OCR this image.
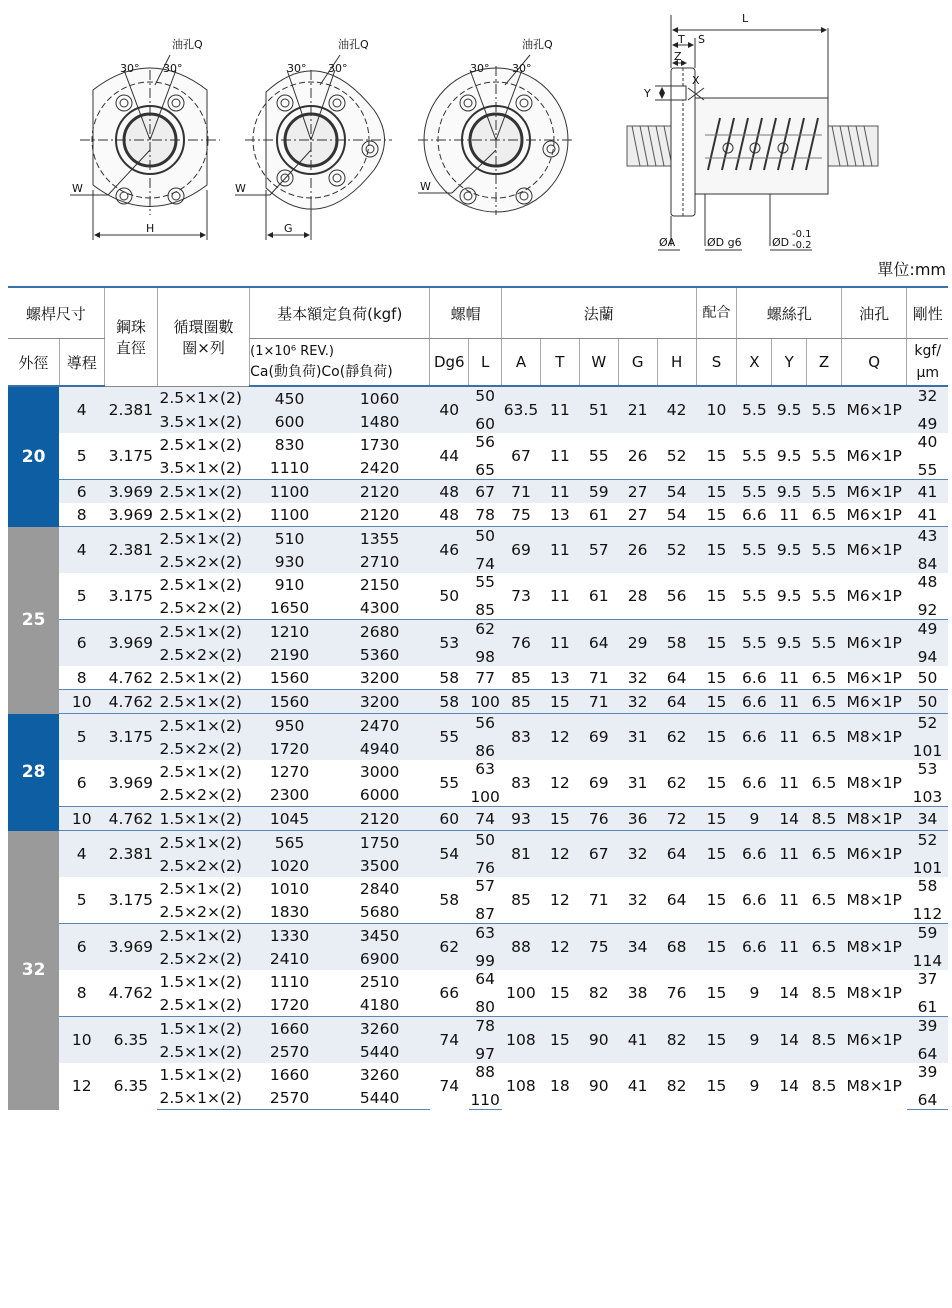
30° 30°
油孔Q
W
H
30° 30°
油孔Q
W
G
30° 30°
油孔Q
W
L
T S
Z
Y
X
ØA	ØD g6	ØD
-0.1
-0.2
單位:mm
螺桿尺寸		鋼珠
直徑	循環圈數
圈×列	基本額定負荷(kgf)		螺帽		法蘭					配合	螺絲孔			油孔	剛性
外徑	導程			(1×10⁶ REV.)
Ca(動負荷)Co(靜負荷)		Dg6	L	A	T	W	G	H	S	X	Y	Z	Q	kgf/
μm
20	4	2.381	2.5×1×(2)	450	1060	40	50	63.5	11	51	21	42	10	5.5	9.5	5.5	M6×1P	32
			3.5×1×(2)	600	1480		60											49
	5	3.175	2.5×1×(2)	830	1730	44	56	67	11	55	26	52	15	5.5	9.5	5.5	M6×1P	40
			3.5×1×(2)	1110	2420		65											55
	6	3.969	2.5×1×(2)	1100	2120	48	67	71	11	59	27	54	15	5.5	9.5	5.5	M6×1P	41
	8	3.969	2.5×1×(2)	1100	2120	48	78	75	13	61	27	54	15	6.6	11	6.5	M6×1P	41
25	4	2.381	2.5×1×(2)	510	1355	46	50	69	11	57	26	52	15	5.5	9.5	5.5	M6×1P	43
			2.5×2×(2)	930	2710		74											84
	5	3.175	2.5×1×(2)	910	2150	50	55	73	11	61	28	56	15	5.5	9.5	5.5	M6×1P	48
			2.5×2×(2)	1650	4300		85											92
	6	3.969	2.5×1×(2)	1210	2680	53	62	76	11	64	29	58	15	5.5	9.5	5.5	M6×1P	49
			2.5×2×(2)	2190	5360		98											94
	8	4.762	2.5×1×(2)	1560	3200	58	77	85	13	71	32	64	15	6.6	11	6.5	M6×1P	50
	10	4.762	2.5×1×(2)	1560	3200	58	100	85	15	71	32	64	15	6.6	11	6.5	M6×1P	50
28	5	3.175	2.5×1×(2)	950	2470	55	56	83	12	69	31	62	15	6.6	11	6.5	M8×1P	52
			2.5×2×(2)	1720	4940		86											101
	6	3.969	2.5×1×(2)	1270	3000	55	63	83	12	69	31	62	15	6.6	11	6.5	M8×1P	53
			2.5×2×(2)	2300	6000		100											103
	10	4.762	1.5×1×(2)	1045	2120	60	74	93	15	76	36	72	15	9	14	8.5	M8×1P	34
32	4	2.381	2.5×1×(2)	565	1750	54	50	81	12	67	32	64	15	6.6	11	6.5	M6×1P	52
			2.5×2×(2)	1020	3500		76											101
	5	3.175	2.5×1×(2)	1010	2840	58	57	85	12	71	32	64	15	6.6	11	6.5	M8×1P	58
			2.5×2×(2)	1830	5680		87											112
	6	3.969	2.5×1×(2)	1330	3450	62	63	88	12	75	34	68	15	6.6	11	6.5	M8×1P	59
			2.5×2×(2)	2410	6900		99											114
	8	4.762	1.5×1×(2)	1110	2510	66	64	100	15	82	38	76	15	9	14	8.5	M8×1P	37
			2.5×1×(2)	1720	4180		80											61
	10	6.35	1.5×1×(2)	1660	3260	74	78	108	15	90	41	82	15	9	14	8.5	M6×1P	39
			2.5×1×(2)	2570	5440		97											64
	12	6.35	1.5×1×(2)	1660	3260	74	88	108	18	90	41	82	15	9	14	8.5	M8×1P	39
			2.5×1×(2)	2570	5440		110											64
